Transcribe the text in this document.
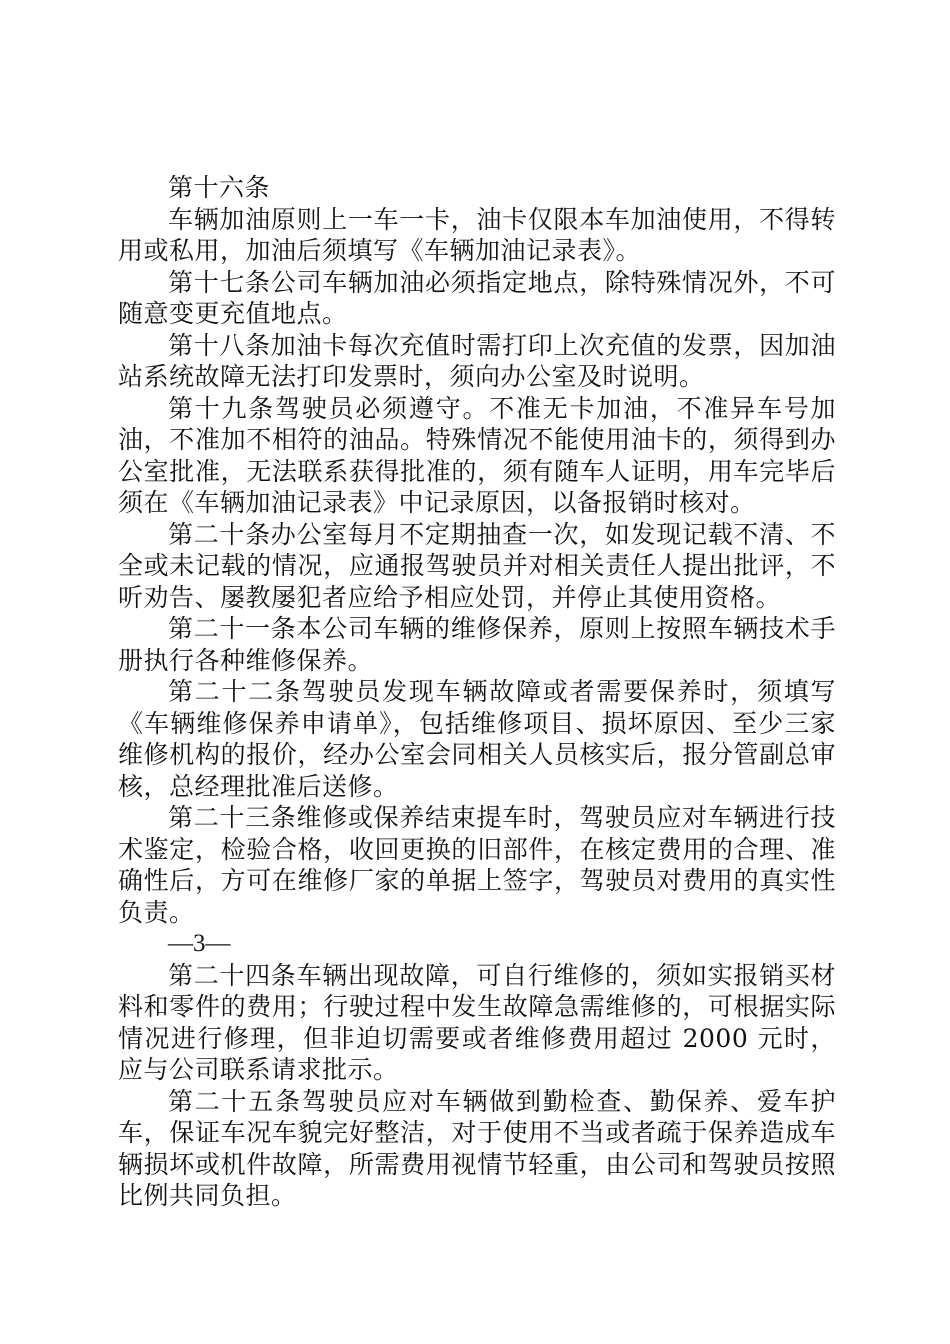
第十六条

车辆加油原则上一车一卡，油卡仅限本车加油使用，不得转用或私用，加油后须填写《车辆加油记录表》。

第十七条公司车辆加油必须指定地点，除特殊情况外，不可随意变更充值地点。

第十八条加油卡每次充值时需打印上次充值的发票，因加油站系统故障无法打印发票时，须向办公室及时说明。

第十九条驾驶员必须遵守。不准无卡加油，不准异车号加油，不准加不相符的油品。特殊情况不能使用油卡的，须得到办公室批准，无法联系获得批准的，须有随车人证明，用车完毕后须在《车辆加油记录表》中记录原因，以备报销时核对。

第二十条办公室每月不定期抽查一次，如发现记载不清、不全或未记载的情况，应通报驾驶员并对相关责任人提出批评，不听劝告、屡教屡犯者应给予相应处罚，并停止其使用资格。

第二十一条本公司车辆的维修保养，原则上按照车辆技术手册执行各种维修保养。

第二十二条驾驶员发现车辆故障或者需要保养时，须填写《车辆维修保养申请单》，包括维修项目、损坏原因、至少三家维修机构的报价，经办公室会同相关人员核实后，报分管副总审核，总经理批准后送修。

第二十三条维修或保养结束提车时，驾驶员应对车辆进行技术鉴定，检验合格，收回更换的旧部件，在核定费用的合理、准确性后，方可在维修厂家的单据上签字，驾驶员对费用的真实性负责。

—3—

第二十四条车辆出现故障，可自行维修的，须如实报销买材料和零件的费用；行驶过程中发生故障急需维修的，可根据实际情况进行修理，但非迫切需要或者维修费用超过 2000 元时，应与公司联系请求批示。

第二十五条驾驶员应对车辆做到勤检查、勤保养、爱车护车，保证车况车貌完好整洁，对于使用不当或者疏于保养造成车辆损坏或机件故障，所需费用视情节轻重，由公司和驾驶员按照比例共同负担。
